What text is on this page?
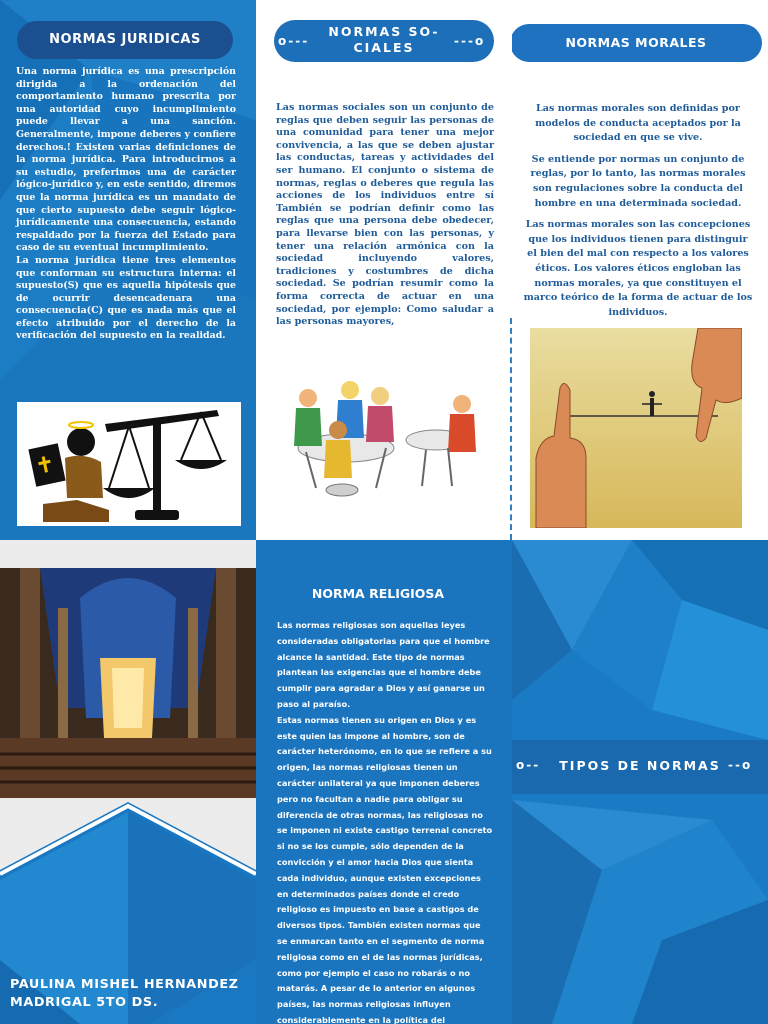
NORMAS JURIDICAS

Una norma jurídica es una prescripción dirigida a la ordenación del comportamiento humano prescrita por una autoridad cuyo incumplimiento puede llevar a una sanción. Generalmente, impone deberes y confiere derechos.! Existen varias definiciones de la norma jurídica. Para introducirnos a su estudio, preferimos una de carácter lógico-jurídico y, en este sentido, diremos que la norma jurídica es un mandato de que cierto supuesto debe seguir lógico-jurídicamente una consecuencia, estando respaldado por la fuerza del Estado para caso de su eventual incumplimiento.

La norma jurídica tiene tres elementos que conforman su estructura interna: el supuesto(S) que es aquella hipótesis que de ocurrir desencadenara una consecuencia(C) que es nada más que el efecto atribuido por el derecho de la verificación del supuesto en la realidad.

NORMAS SO-
CIALES
o---	---o

Las normas sociales son un conjunto de reglas que deben seguir las personas de una comunidad para tener una mejor convivencia, a las que se deben ajustar las conductas, tareas y actividades del ser humano. El conjunto o sistema de normas, reglas o deberes que regula las acciones de los individuos entre sí También se podrían definir como las reglas que una persona debe obedecer, para llevarse bien con las personas, y tener una relación armónica con la sociedad incluyendo valores, tradiciones y costumbres de dicha sociedad. Se podrían resumir como la forma correcta de actuar en una sociedad, por ejemplo: Como saludar a las personas mayores,

NORMAS MORALES

Las normas morales son definidas por modelos de conducta aceptados por la sociedad en que se vive.

Se entiende por normas un conjunto de reglas, por lo tanto, las normas morales son regulaciones sobre la conducta del hombre en una determinada sociedad.

Las normas morales son las concepciones que los individuos tienen para distinguir el bien del mal con respecto a los valores éticos. Los valores éticos engloban las normas morales, ya que constituyen el marco teórico de la forma de actuar de los individuos.

PAULINA MISHEL HERNANDEZ
MADRIGAL 5TO DS.
NORMA RELIGIOSA

Las normas religiosas son aquellas leyes consideradas obligatorias para que el hombre alcance la santidad. Este tipo de normas plantean las exigencias que el hombre debe cumplir para agradar a Dios y así ganarse un paso al paraíso.

Estas normas tienen su origen en Dios y es este quien las impone al hombre, son de carácter heterónomo, en lo que se refiere a su origen, las normas religiosas tienen un carácter unilateral ya que imponen deberes pero no facultan a nadie para obligar su diferencia de otras normas, las religiosas no se imponen ni existe castigo terrenal concreto si no se los cumple, sólo dependen de la convicción y el amor hacia Dios que sienta cada individuo, aunque existen excepciones en determinados países donde el credo religioso es impuesto en base a castigos de diversos tipos. También existen normas que se enmarcan tanto en el segmento de norma religiosa como en el de las normas jurídicas, como por ejemplo el caso no robarás o no matarás. A pesar de lo anterior en algunos países, las normas religiosas influyen considerablemente en la política del

o--	--o
TIPOS DE NORMAS
